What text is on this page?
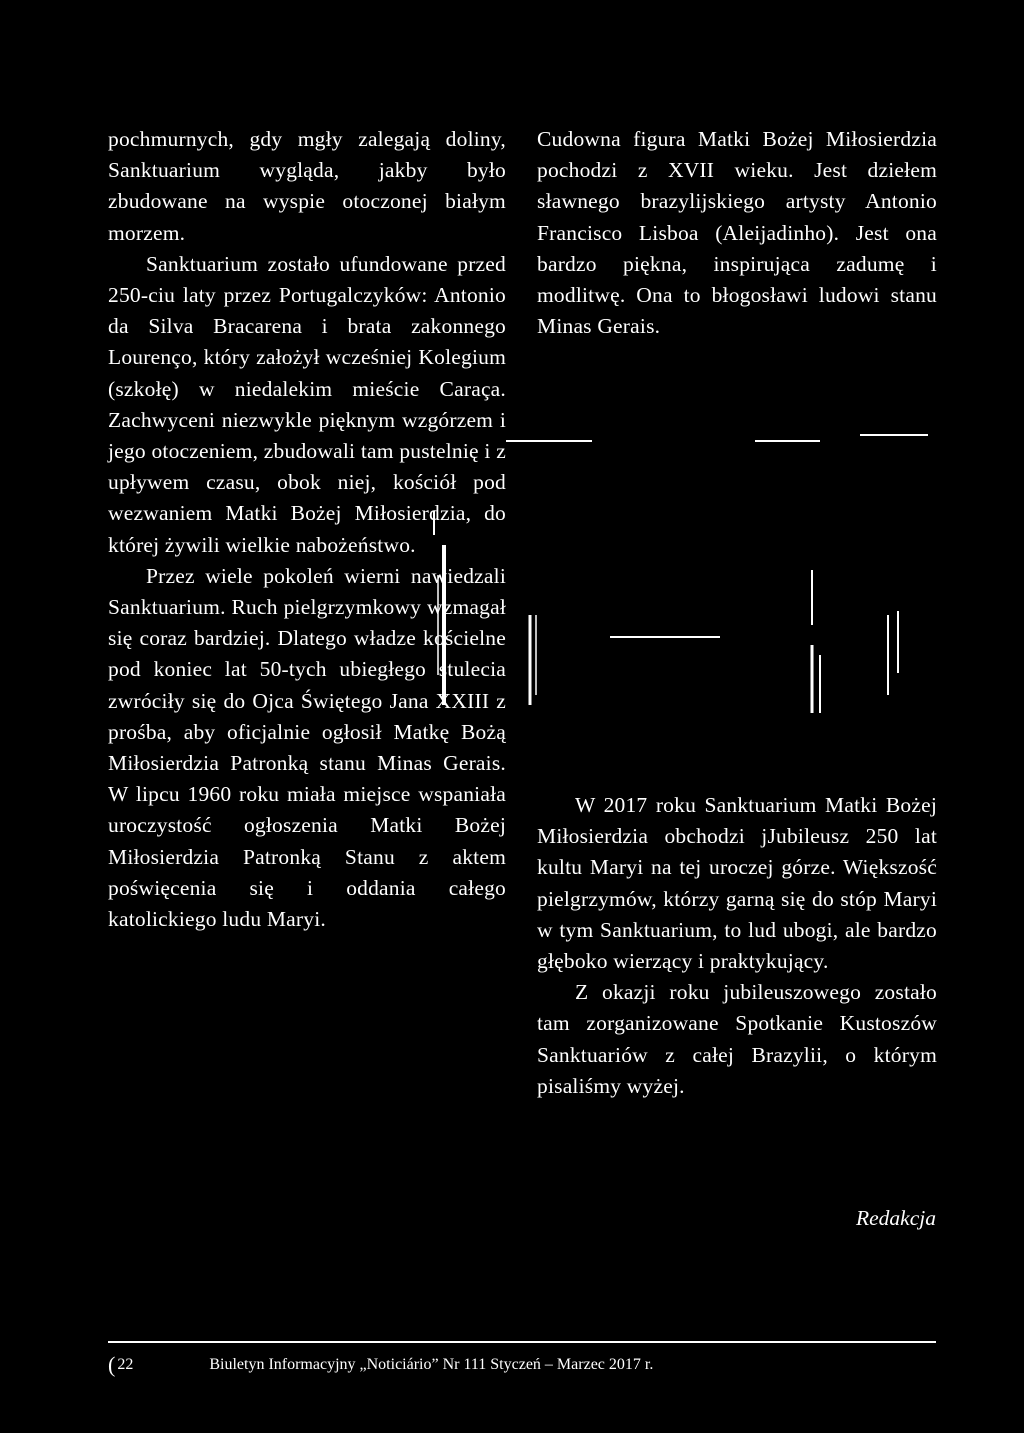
pochmurnych, gdy mgły zalegają doliny, Sanktuarium wygląda, jakby było zbudowane na wyspie otoczonej białym morzem.

Sanktuarium zostało ufundowane przed 250-ciu laty przez Portugalczyków: Antonio da Silva Bracarena i brata zakonnego Lourenço, który założył wcześniej Kolegium (szkołę) w niedalekim mieście Caraça. Zachwyceni niezwykle pięknym wzgórzem i jego otoczeniem, zbudowali tam pustelnię i z upływem czasu, obok niej, kościół pod wezwaniem Matki Bożej Miłosierdzia, do której żywili wielkie nabożeństwo.

Przez wiele pokoleń wierni nawiedzali Sanktuarium. Ruch pielgrzymkowy wzmagał się coraz bardziej. Dlatego władze kościelne pod koniec lat 50-tych ubiegłego stulecia zwróciły się do Ojca Świętego Jana XXIII z prośba, aby oficjalnie ogłosił Matkę Bożą Miłosierdzia Patronką stanu Minas Gerais. W lipcu 1960 roku miała miejsce wspaniała uroczystość ogłoszenia Matki Bożej Miłosierdzia Patronką Stanu z aktem poświęcenia się i oddania całego katolickiego ludu Maryi.

Cudowna figura Matki Bożej Miłosierdzia pochodzi z XVII wieku. Jest dziełem sławnego brazylijskiego artysty Antonio Francisco Lisboa (Aleijadinho). Jest ona bardzo piękna, inspirująca zadumę i modlitwę. Ona to błogosławi ludowi stanu Minas Gerais.

W 2017 roku Sanktuarium Matki Bożej Miłosierdzia obchodzi jJubileusz 250 lat kultu Maryi na tej uroczej górze. Większość pielgrzymów, którzy garną się do stóp Maryi w tym Sanktuarium, to lud ubogi, ale bardzo głęboko wierzący i praktykujący.

Z okazji roku jubileuszowego zostało tam zorganizowane Spotkanie Kustoszów Sanktuariów z całej Brazylii, o którym pisaliśmy wyżej.

Redakcja
( 22	Biuletyn Informacyjny „Noticiário” Nr 111 Styczeń – Marzec 2017 r.
